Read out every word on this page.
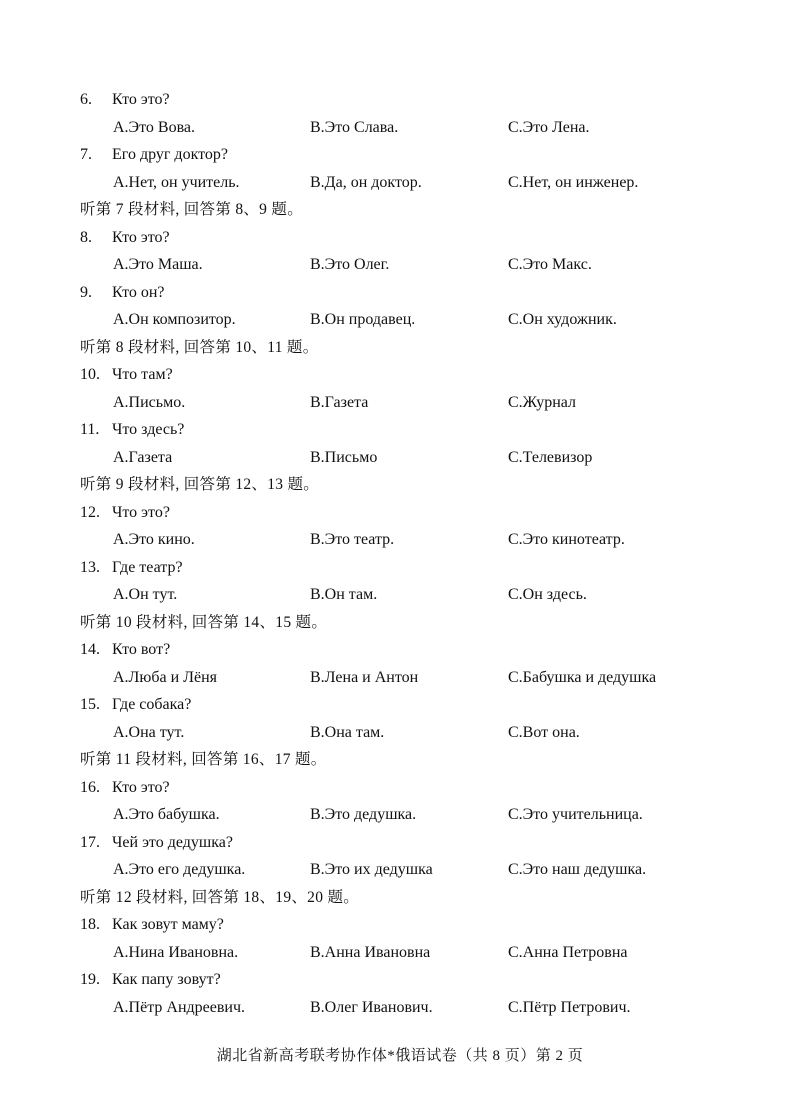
6. Кто это?
А.Это Вова.	B.Это Слава.	C.Это Лена.
7. Его друг доктор?
А.Нет, он учитель.	B.Да, он доктор.	C.Нет, он инженер.
听第 7 段材料, 回答第 8、9 题。
8. Кто это?
А.Это Маша.	B.Это Олег.	C.Это Макс.
9. Кто он?
А.Он композитор.	B.Он продавец.	C.Он художник.
听第 8 段材料, 回答第 10、11 题。
10. Что там?
А.Письмо.	B.Газета	C.Журнал
11. Что здесь?
А.Газета	B.Письмо	C.Телевизор
听第 9 段材料, 回答第 12、13 题。
12. Что это?
А.Это кино.	B.Это театр.	C.Это кинотеатр.
13. Где театр?
А.Он тут.	B.Он там.	C.Он здесь.
听第 10 段材料, 回答第 14、15 题。
14. Кто вот?
А.Люба и Лёня	B.Лена и Антон	C.Бабушка и дедушка
15. Где собака?
А.Она тут.	B.Она там.	C.Вот она.
听第 11 段材料, 回答第 16、17 题。
16. Кто это?
А.Это бабушка.	B.Это дедушка.	C.Это учительница.
17. Чей это дедушка?
А.Это его дедушка.	B.Это их дедушка	C.Это наш дедушка.
听第 12 段材料, 回答第 18、19、20 题。
18. Как зовут маму?
А.Нина Ивановна.	B.Анна Ивановна	C.Анна Петровна
19. Как папу зовут?
А.Пётр Андреевич.	B.Олег Иванович.	C.Пётр Петрович.
湖北省新高考联考协作体*俄语试卷（共 8 页）第 2 页
